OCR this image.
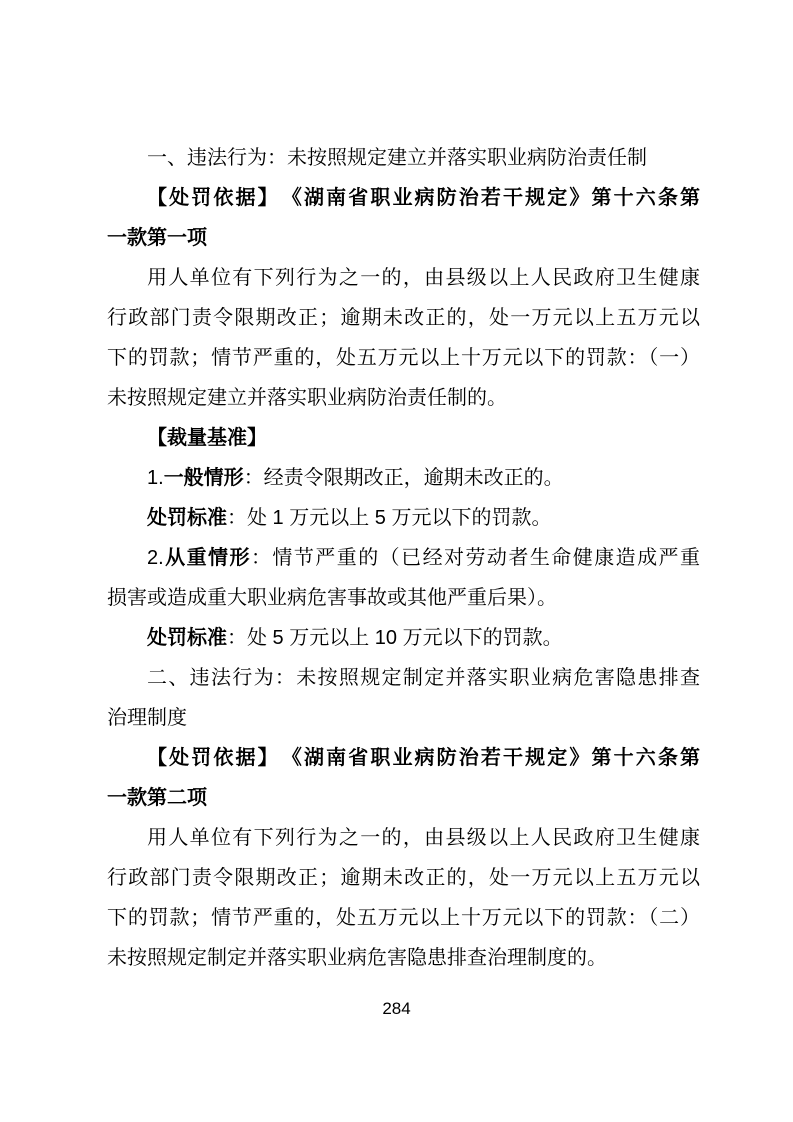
一、违法行为：未按照规定建立并落实职业病防治责任制
【处罚依据】　《湖南省职业病防治若干规定》第十六条第
一款第一项
用人单位有下列行为之一的，由县级以上人民政府卫生健康
行政部门责令限期改正；逾期未改正的，处一万元以上五万元以
下的罚款；情节严重的，处五万元以上十万元以下的罚款：（一）
未按照规定建立并落实职业病防治责任制的。
【裁量基准】
1.一般情形：经责令限期改正，逾期未改正的。
处罚标准：处 1 万元以上 5 万元以下的罚款。
2.从重情形：情节严重的（已经对劳动者生命健康造成严重
损害或造成重大职业病危害事故或其他严重后果）。
处罚标准：处 5 万元以上 10 万元以下的罚款。
二、违法行为：未按照规定制定并落实职业病危害隐患排查
治理制度
【处罚依据】　《湖南省职业病防治若干规定》第十六条第
一款第二项
用人单位有下列行为之一的，由县级以上人民政府卫生健康
行政部门责令限期改正；逾期未改正的，处一万元以上五万元以
下的罚款；情节严重的，处五万元以上十万元以下的罚款：（二）
未按照规定制定并落实职业病危害隐患排查治理制度的。
284
